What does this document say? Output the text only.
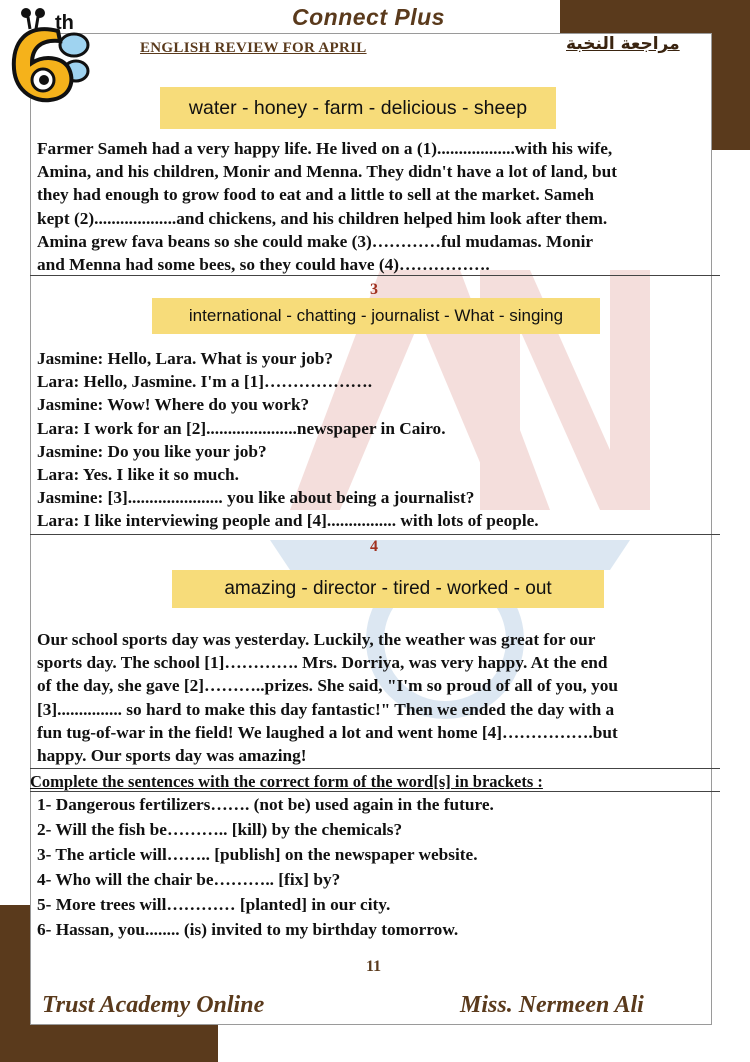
th	Connect Plus
ENGLISH REVIEW FOR APRIL	مراجعة النخبة
water - honey - farm - delicious - sheep
Farmer Sameh had a very happy life. He lived on a (1)..................with his wife,
Amina, and his children, Monir and Menna. They didn't have a lot of land, but
they had enough to grow food to eat and a little to sell at the market. Sameh
kept (2)...................and chickens, and his children helped him look after them.
Amina grew fava beans so she could make (3)…………ful mudamas. Monir
and Menna had some bees, so they could have (4)…………….
3
international - chatting - journalist - What - singing
Jasmine: Hello, Lara. What is your job?
Lara: Hello, Jasmine. I'm a [1]……………….
Jasmine: Wow! Where do you work?
Lara: I work for an [2].....................newspaper in Cairo.
Jasmine: Do you like your job?
Lara: Yes. I like it so much.
Jasmine: [3]...................... you like about being a journalist?
Lara: I like interviewing people and [4]................ with lots of people.
4
amazing - director - tired - worked - out
Our school sports day was yesterday. Luckily, the weather was great for our
sports day. The school [1]…………. Mrs. Dorriya, was very happy. At the end
of the day, she gave [2]………..prizes. She said, "I'm so proud of all of you, you
[3]............... so hard to make this day fantastic!" Then we ended the day with a
fun tug-of-war in the field! We laughed a lot and went home [4]…………….but
happy. Our sports day was amazing!
Complete the sentences with the correct form of the word[s] in brackets :
1- Dangerous fertilizers……. (not be) used again in the future.
2- Will the fish be……….. [kill) by the chemicals?
3- The article will…….. [publish] on the newspaper website.
4- Who will the chair be……….. [fix] by?
5- More trees will………… [planted] in our city.
6- Hassan, you........ (is) invited to my birthday tomorrow.
11
Trust Academy Online	Miss. Nermeen Ali
